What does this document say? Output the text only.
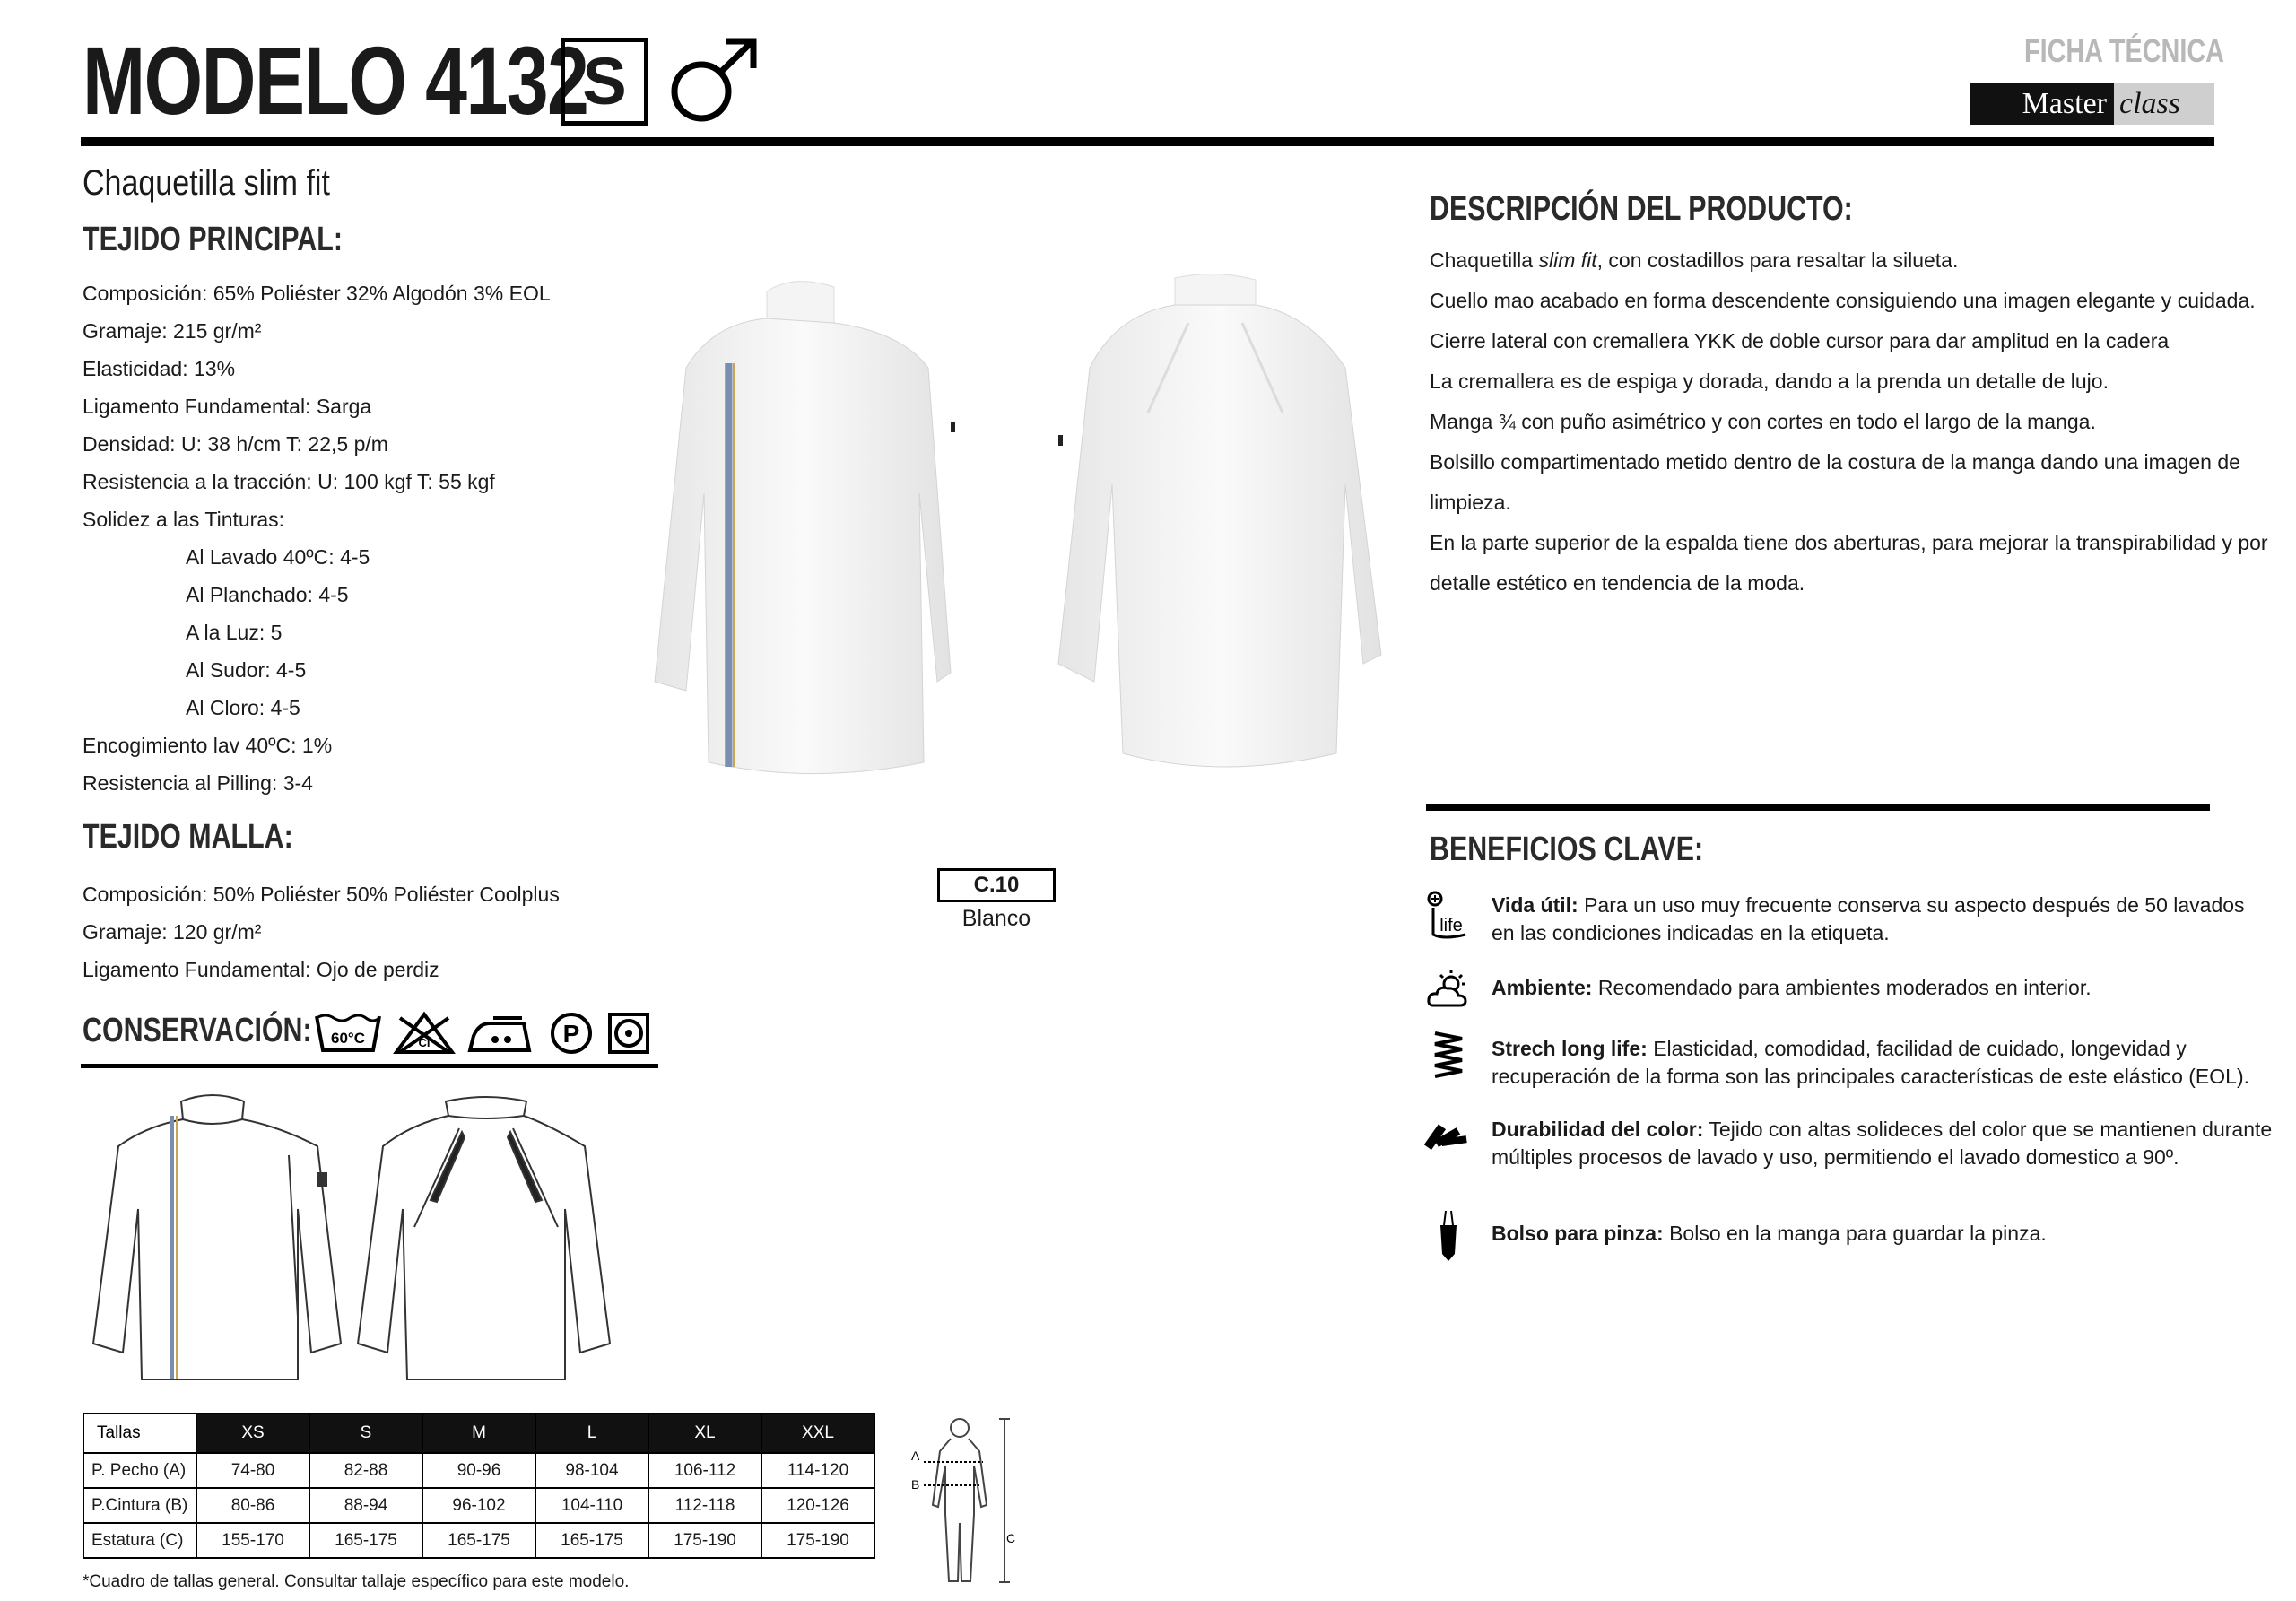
MODELO 4132
S	FICHA TÉCNICA
Master class
Chaquetilla slim fit
TEJIDO PRINCIPAL:
Composición: 65% Poliéster 32% Algodón 3% EOL
Gramaje: 215 gr/m²
Elasticidad: 13%
Ligamento Fundamental: Sarga
Densidad: U: 38 h/cm T: 22,5 p/m
Resistencia a la tracción: U: 100 kgf T: 55 kgf
Solidez a las Tinturas:
Al Lavado 40ºC: 4-5
Al Planchado: 4-5
A la Luz: 5
Al Sudor: 4-5
Al Cloro: 4-5
Encogimiento lav 40ºC: 1%
Resistencia al Pilling: 3-4
TEJIDO MALLA:
Composición: 50% Poliéster 50% Poliéster Coolplus
Gramaje: 120 gr/m²
Ligamento Fundamental: Ojo de perdiz
CONSERVACIÓN: 60°C	Cl	P
C.10
Blanco
DESCRIPCIÓN DEL PRODUCTO:
Chaquetilla slim fit, con costadillos para resaltar la silueta.
Cuello mao acabado en forma descendente consiguiendo una imagen elegante y cuidada.
Cierre lateral con cremallera YKK de doble cursor para dar amplitud en la cadera
La cremallera es de espiga y dorada, dando a la prenda un detalle de lujo.
Manga ¾ con puño asimétrico y con cortes en todo el largo de la manga.
Bolsillo compartimentado metido dentro de la costura de la manga dando una imagen de
limpieza.
En la parte superior de la espalda tiene dos aberturas, para mejorar la transpirabilidad y por
detalle estético en tendencia de la moda.
BENEFICIOS CLAVE:
life
Vida útil: Para un uso muy frecuente conserva su aspecto después de 50 lavados
en las condiciones indicadas en la etiqueta.
Ambiente: Recomendado para ambientes moderados en interior.
Strech long life: Elasticidad, comodidad, facilidad de cuidado, longevidad y
recuperación de la forma son las principales características de este elástico (EOL).
Durabilidad del color: Tejido con altas solideces del color que se mantienen durante
múltiples procesos de lavado y uso, permitiendo el lavado domestico a 90º.
Bolso para pinza: Bolso en la manga para guardar la pinza.
Tallas	XS	S	M	L	XL	XXL
P. Pecho (A)	74-80	82-88	90-96	98-104	106-112	114-120
P.Cintura (B)	80-86	88-94	96-102	104-110	112-118	120-126
Estatura (C)	155-170	165-175	165-175	165-175	175-190	175-190
A
B
C
*Cuadro de tallas general. Consultar tallaje específico para este modelo.
